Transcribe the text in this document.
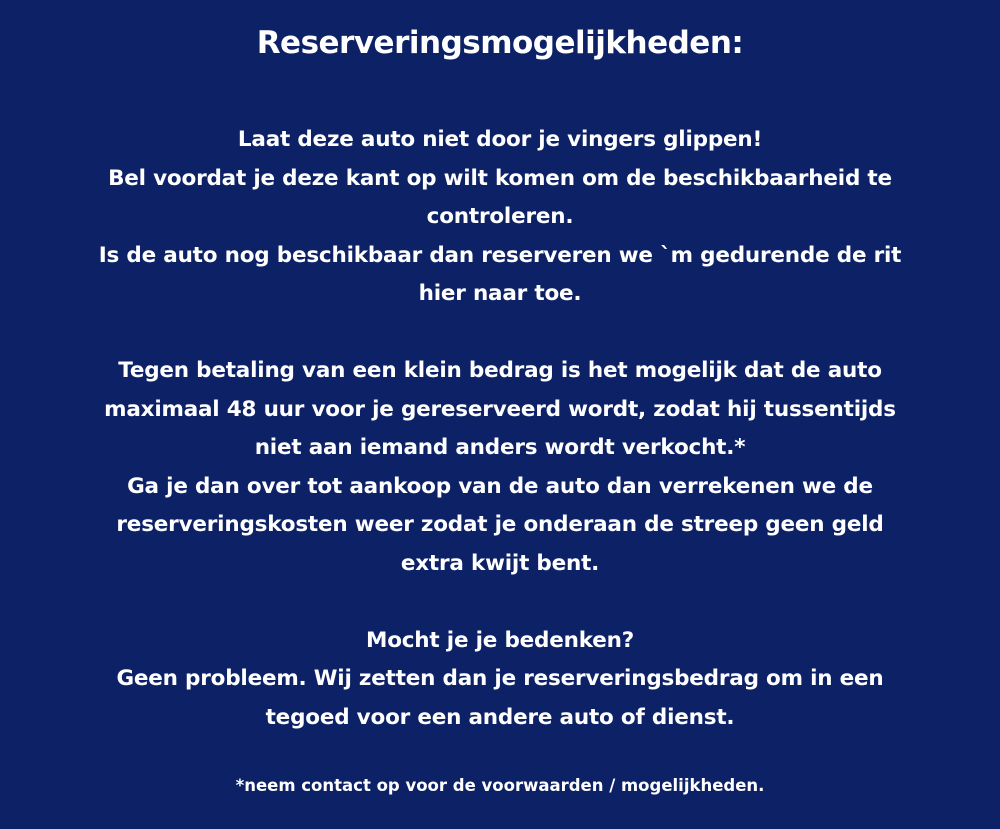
Reserveringsmogelijkheden:
Laat deze auto niet door je vingers glippen!
Bel voordat je deze kant op wilt komen om de beschikbaarheid te
controleren.
Is de auto nog beschikbaar dan reserveren we `m gedurende de rit
hier naar toe.
Tegen betaling van een klein bedrag is het mogelijk dat de auto
maximaal 48 uur voor je gereserveerd wordt, zodat hij tussentijds
niet aan iemand anders wordt verkocht.*
Ga je dan over tot aankoop van de auto dan verrekenen we de
reserveringskosten weer zodat je onderaan de streep geen geld
extra kwijt bent.
Mocht je je bedenken?
Geen probleem. Wij zetten dan je reserveringsbedrag om in een
tegoed voor een andere auto of dienst.
*neem contact op voor de voorwaarden / mogelijkheden.
